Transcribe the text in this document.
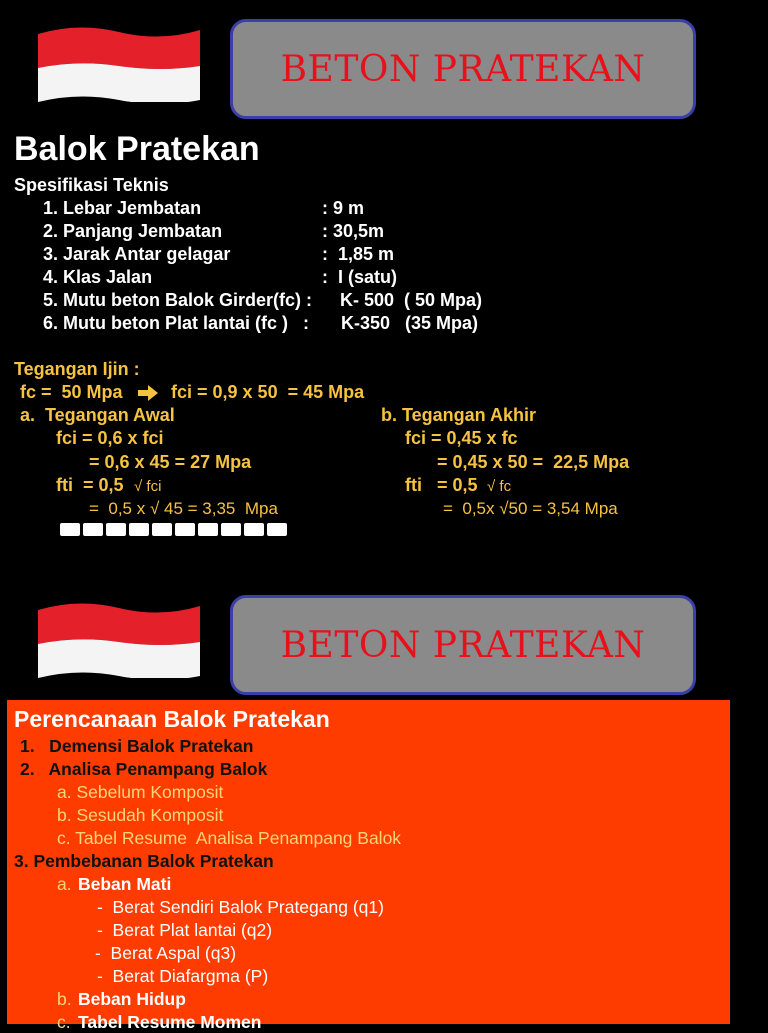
BETON PRATEKAN
Balok Pratekan
Spesifikasi Teknis
1. Lebar Jembatan	: 9 m
2. Panjang Jembatan	: 30,5m
3. Jarak Antar gelagar	:  1,85 m
4. Klas Jalan	:  I (satu)
5. Mutu beton Balok Girder(fc) : K- 500  ( 50 Mpa)
6. Mutu beton Plat lantai (fc )   : K-350   (35 Mpa)
Tegangan Ijin :
fc =  50 Mpa	fci = 0,9 x 50  = 45 Mpa
a.  Tegangan Awal
fci = 0,6 x fci
= 0,6 x 45 = 27 Mpa
fti  = 0,5 √ fci
=  0,5 x √ 45 = 3,35  Mpa
b. Tegangan Akhir
fci = 0,45 x fc
= 0,45 x 50 =  22,5 Mpa
fti   = 0,5 √ fc
=  0,5x √50 = 3,54 Mpa
BETON PRATEKAN
Perencanaan Balok Pratekan
1.   Demensi Balok Pratekan
2.   Analisa Penampang Balok
a. Sebelum Komposit
b. Sesudah Komposit
c. Tabel Resume  Analisa Penampang Balok
3. Pembebanan Balok Pratekan
a. Beban Mati
-  Berat Sendiri Balok Prategang (q1)
-  Berat Plat lantai (q2)
-  Berat Aspal (q3)
-  Berat Diafargma (P)
b. Beban Hidup
c. Tabel Resume Momen
